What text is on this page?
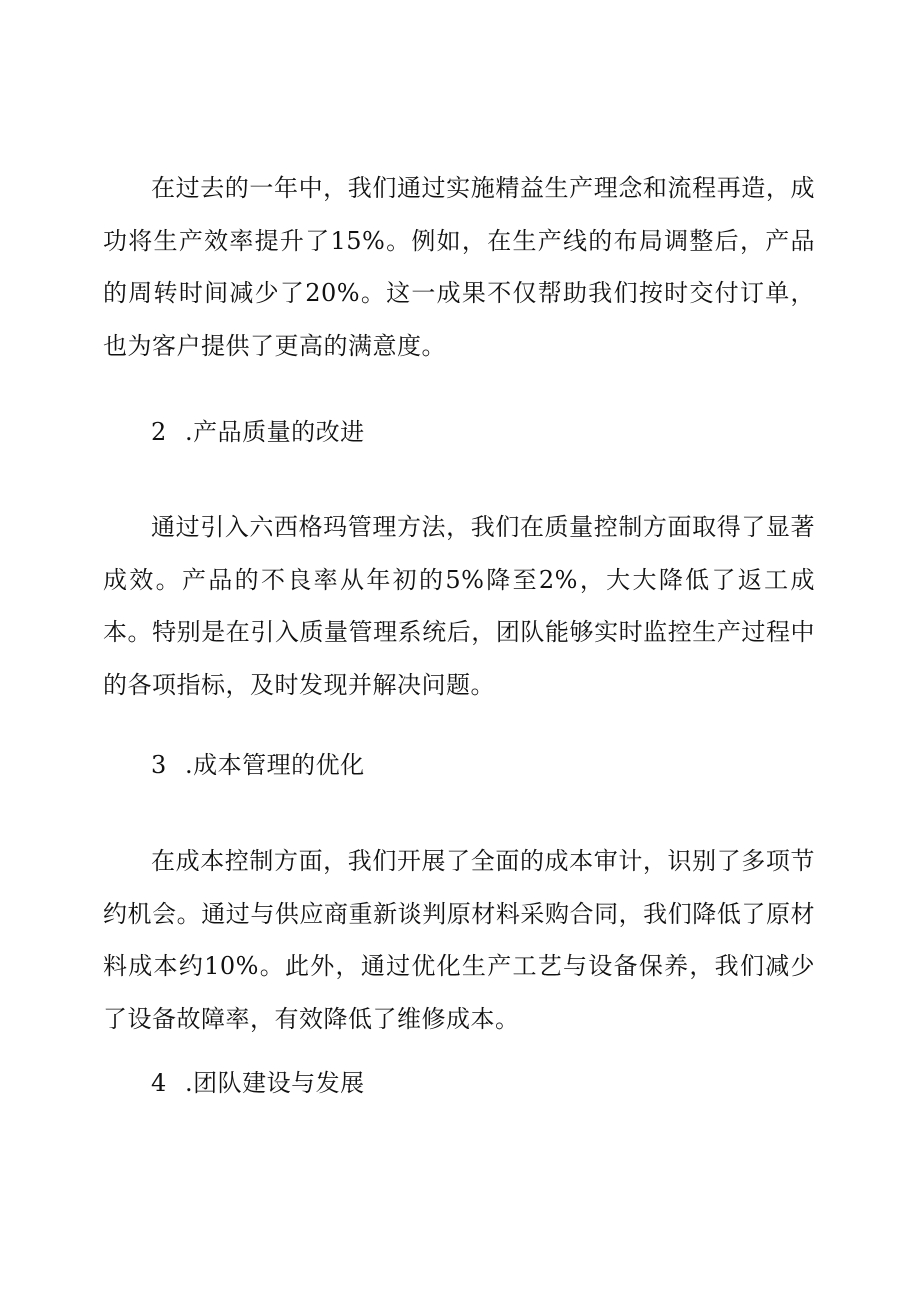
在过去的一年中，我们通过实施精益生产理念和流程再造，成功将生产效率提升了15%。例如，在生产线的布局调整后，产品的周转时间减少了20%。这一成果不仅帮助我们按时交付订单，也为客户提供了更高的满意度。

2 .产品质量的改进

通过引入六西格玛管理方法，我们在质量控制方面取得了显著成效。产品的不良率从年初的5%降至2%，大大降低了返工成本。特别是在引入质量管理系统后，团队能够实时监控生产过程中的各项指标，及时发现并解决问题。

3 .成本管理的优化

在成本控制方面，我们开展了全面的成本审计，识别了多项节约机会。通过与供应商重新谈判原材料采购合同，我们降低了原材料成本约10%。此外，通过优化生产工艺与设备保养，我们减少了设备故障率，有效降低了维修成本。

4 .团队建设与发展
